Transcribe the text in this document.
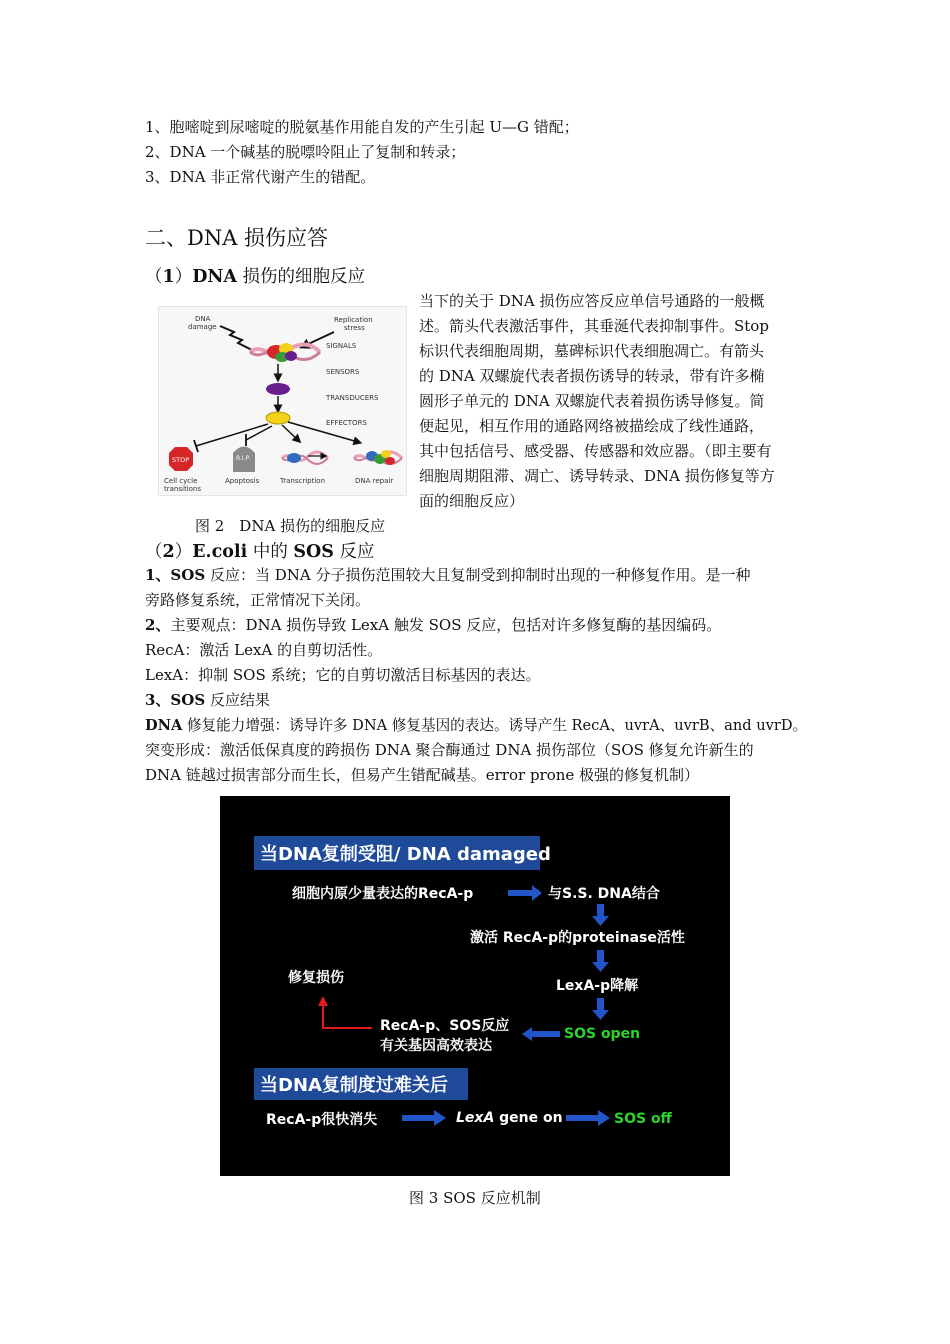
1、胞嘧啶到尿嘧啶的脱氨基作用能自发的产生引起 U—G 错配；
2、DNA 一个碱基的脱嘌呤阻止了复制和转录；
3、DNA 非正常代谢产生的错配。
二、DNA 损伤应答
（1）DNA 损伤的细胞反应
DNA
damage
Replication
stress
SIGNALS
SENSORS
TRANSDUCERS
EFFECTORS
Cell cycle
transitions
Apoptosis	Transcription	DNA repair
STOP	R.I.P.
当下的关于 DNA 损伤应答反应单信号通路的一般概
述。箭头代表激活事件，其垂涎代表抑制事件。Stop
标识代表细胞周期，墓碑标识代表细胞凋亡。有箭头
的 DNA 双螺旋代表者损伤诱导的转录，带有许多椭
圆形子单元的 DNA 双螺旋代表着损伤诱导修复。简
便起见，相互作用的通路网络被描绘成了线性通路，
其中包括信号、感受器、传感器和效应器。（即主要有
细胞周期阻滞、凋亡、诱导转录、DNA 损伤修复等方
面的细胞反应）
图 2　DNA 损伤的细胞反应
（2）E.coli 中的 SOS 反应
1、SOS 反应：当 DNA 分子损伤范围较大且复制受到抑制时出现的一种修复作用。是一种
旁路修复系统，正常情况下关闭。
2、主要观点：DNA 损伤导致 LexA 触发 SOS 反应，包括对许多修复酶的基因编码。
RecA：激活 LexA 的自剪切活性。
LexA：抑制 SOS 系统；它的自剪切激活目标基因的表达。
3、SOS 反应结果
DNA 修复能力增强：诱导许多 DNA 修复基因的表达。诱导产生 RecA、uvrA、uvrB、and uvrD。
突变形成：激活低保真度的跨损伤 DNA 聚合酶通过 DNA 损伤部位（SOS 修复允许新生的
DNA 链越过损害部分而生长，但易产生错配碱基。error prone 极强的修复机制）
当DNA复制受阻/ DNA damaged
细胞内原少量表达的RecA-p	与S.S. DNA结合
激活 RecA-p的proteinase活性
修复损伤	LexA-p降解
RecA-p、SOS反应
有关基因高效表达
SOS open
当DNA复制度过难关后
RecA-p很快消失	LexA gene on	SOS off
图 3 SOS 反应机制
